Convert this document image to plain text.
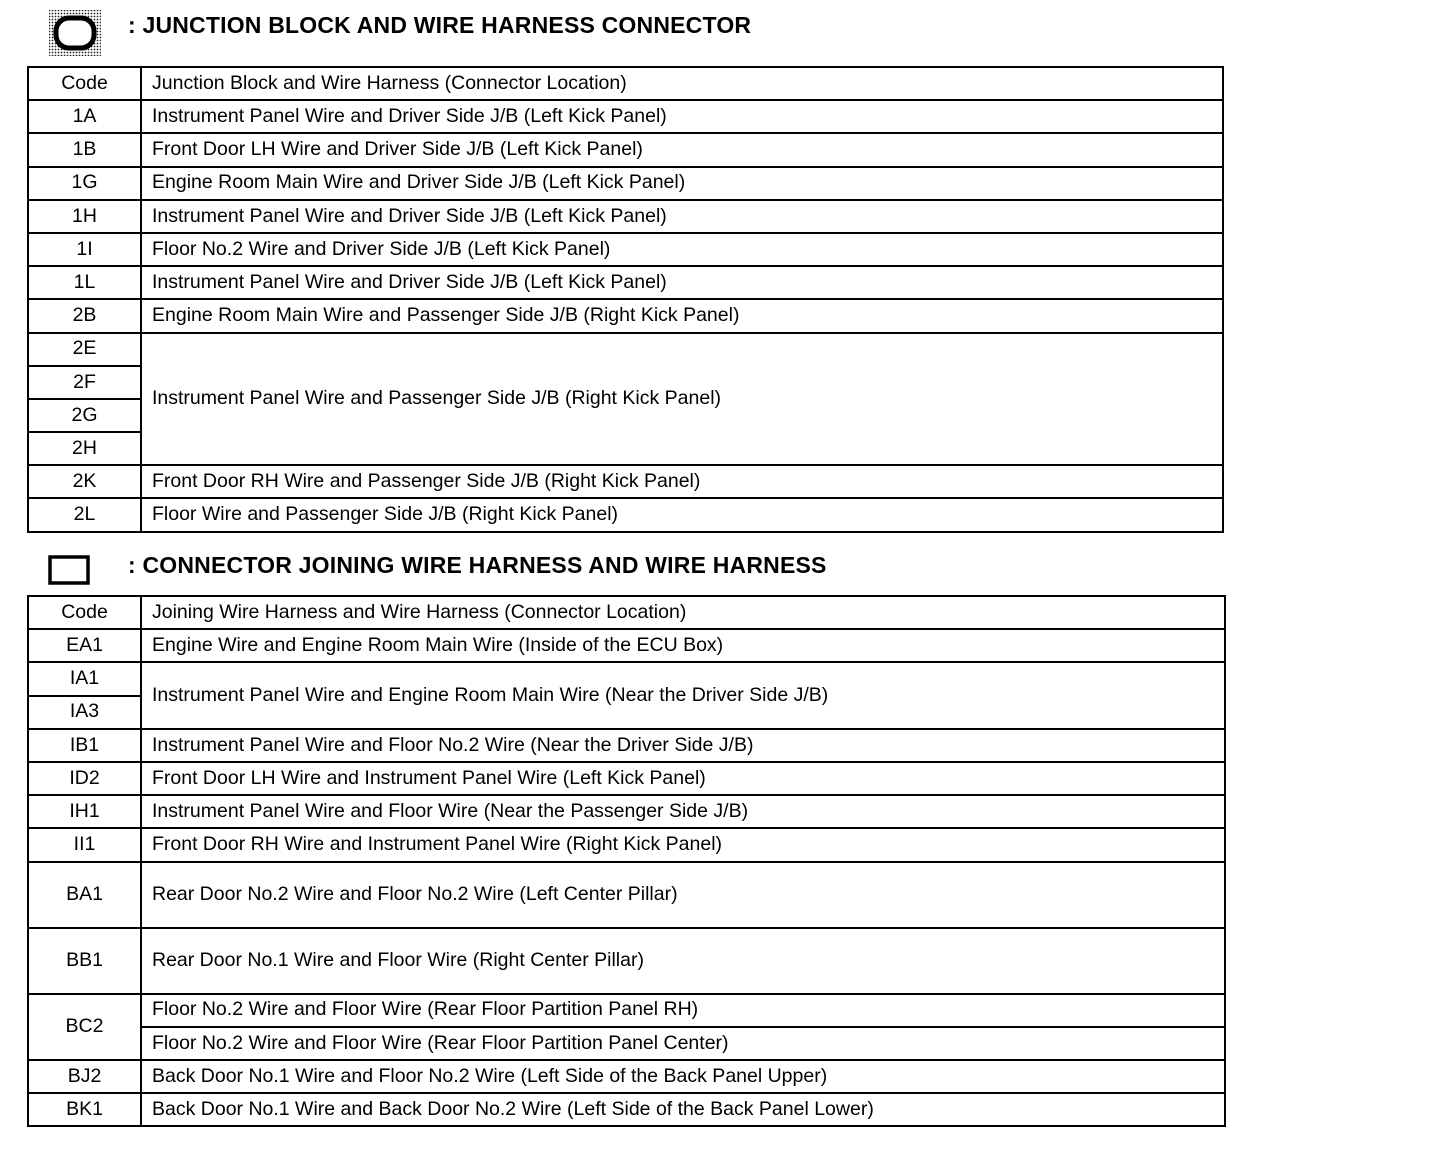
: JUNCTION BLOCK AND WIRE HARNESS CONNECTOR
Code	Junction Block and Wire Harness (Connector Location)
1A	Instrument Panel Wire and Driver Side J/B (Left Kick Panel)
1B	Front Door LH Wire and Driver Side J/B (Left Kick Panel)
1G	Engine Room Main Wire and Driver Side J/B (Left Kick Panel)
1H	Instrument Panel Wire and Driver Side J/B (Left Kick Panel)
1I	Floor No.2 Wire and Driver Side J/B (Left Kick Panel)
1L	Instrument Panel Wire and Driver Side J/B (Left Kick Panel)
2B	Engine Room Main Wire and Passenger Side J/B (Right Kick Panel)
2E	Instrument Panel Wire and Passenger Side J/B (Right Kick Panel)
2F	
2G	
2H	
2K	Front Door RH Wire and Passenger Side J/B (Right Kick Panel)
2L	Floor Wire and Passenger Side J/B (Right Kick Panel)
: CONNECTOR JOINING WIRE HARNESS AND WIRE HARNESS
Code	Joining Wire Harness and Wire Harness (Connector Location)
EA1	Engine Wire and Engine Room Main Wire (Inside of the ECU Box)
IA1	Instrument Panel Wire and Engine Room Main Wire (Near the Driver Side J/B)
IA3	
IB1	Instrument Panel Wire and Floor No.2 Wire (Near the Driver Side J/B)
ID2	Front Door LH Wire and Instrument Panel Wire (Left Kick Panel)
IH1	Instrument Panel Wire and Floor Wire (Near the Passenger Side J/B)
II1	Front Door RH Wire and Instrument Panel Wire (Right Kick Panel)
BA1	Rear Door No.2 Wire and Floor No.2 Wire (Left Center Pillar)
BB1	Rear Door No.1 Wire and Floor Wire (Right Center Pillar)
BC2	Floor No.2 Wire and Floor Wire (Rear Floor Partition Panel RH)
	Floor No.2 Wire and Floor Wire (Rear Floor Partition Panel Center)
BJ2	Back Door No.1 Wire and Floor No.2 Wire (Left Side of the Back Panel Upper)
BK1	Back Door No.1 Wire and Back Door No.2 Wire (Left Side of the Back Panel Lower)
